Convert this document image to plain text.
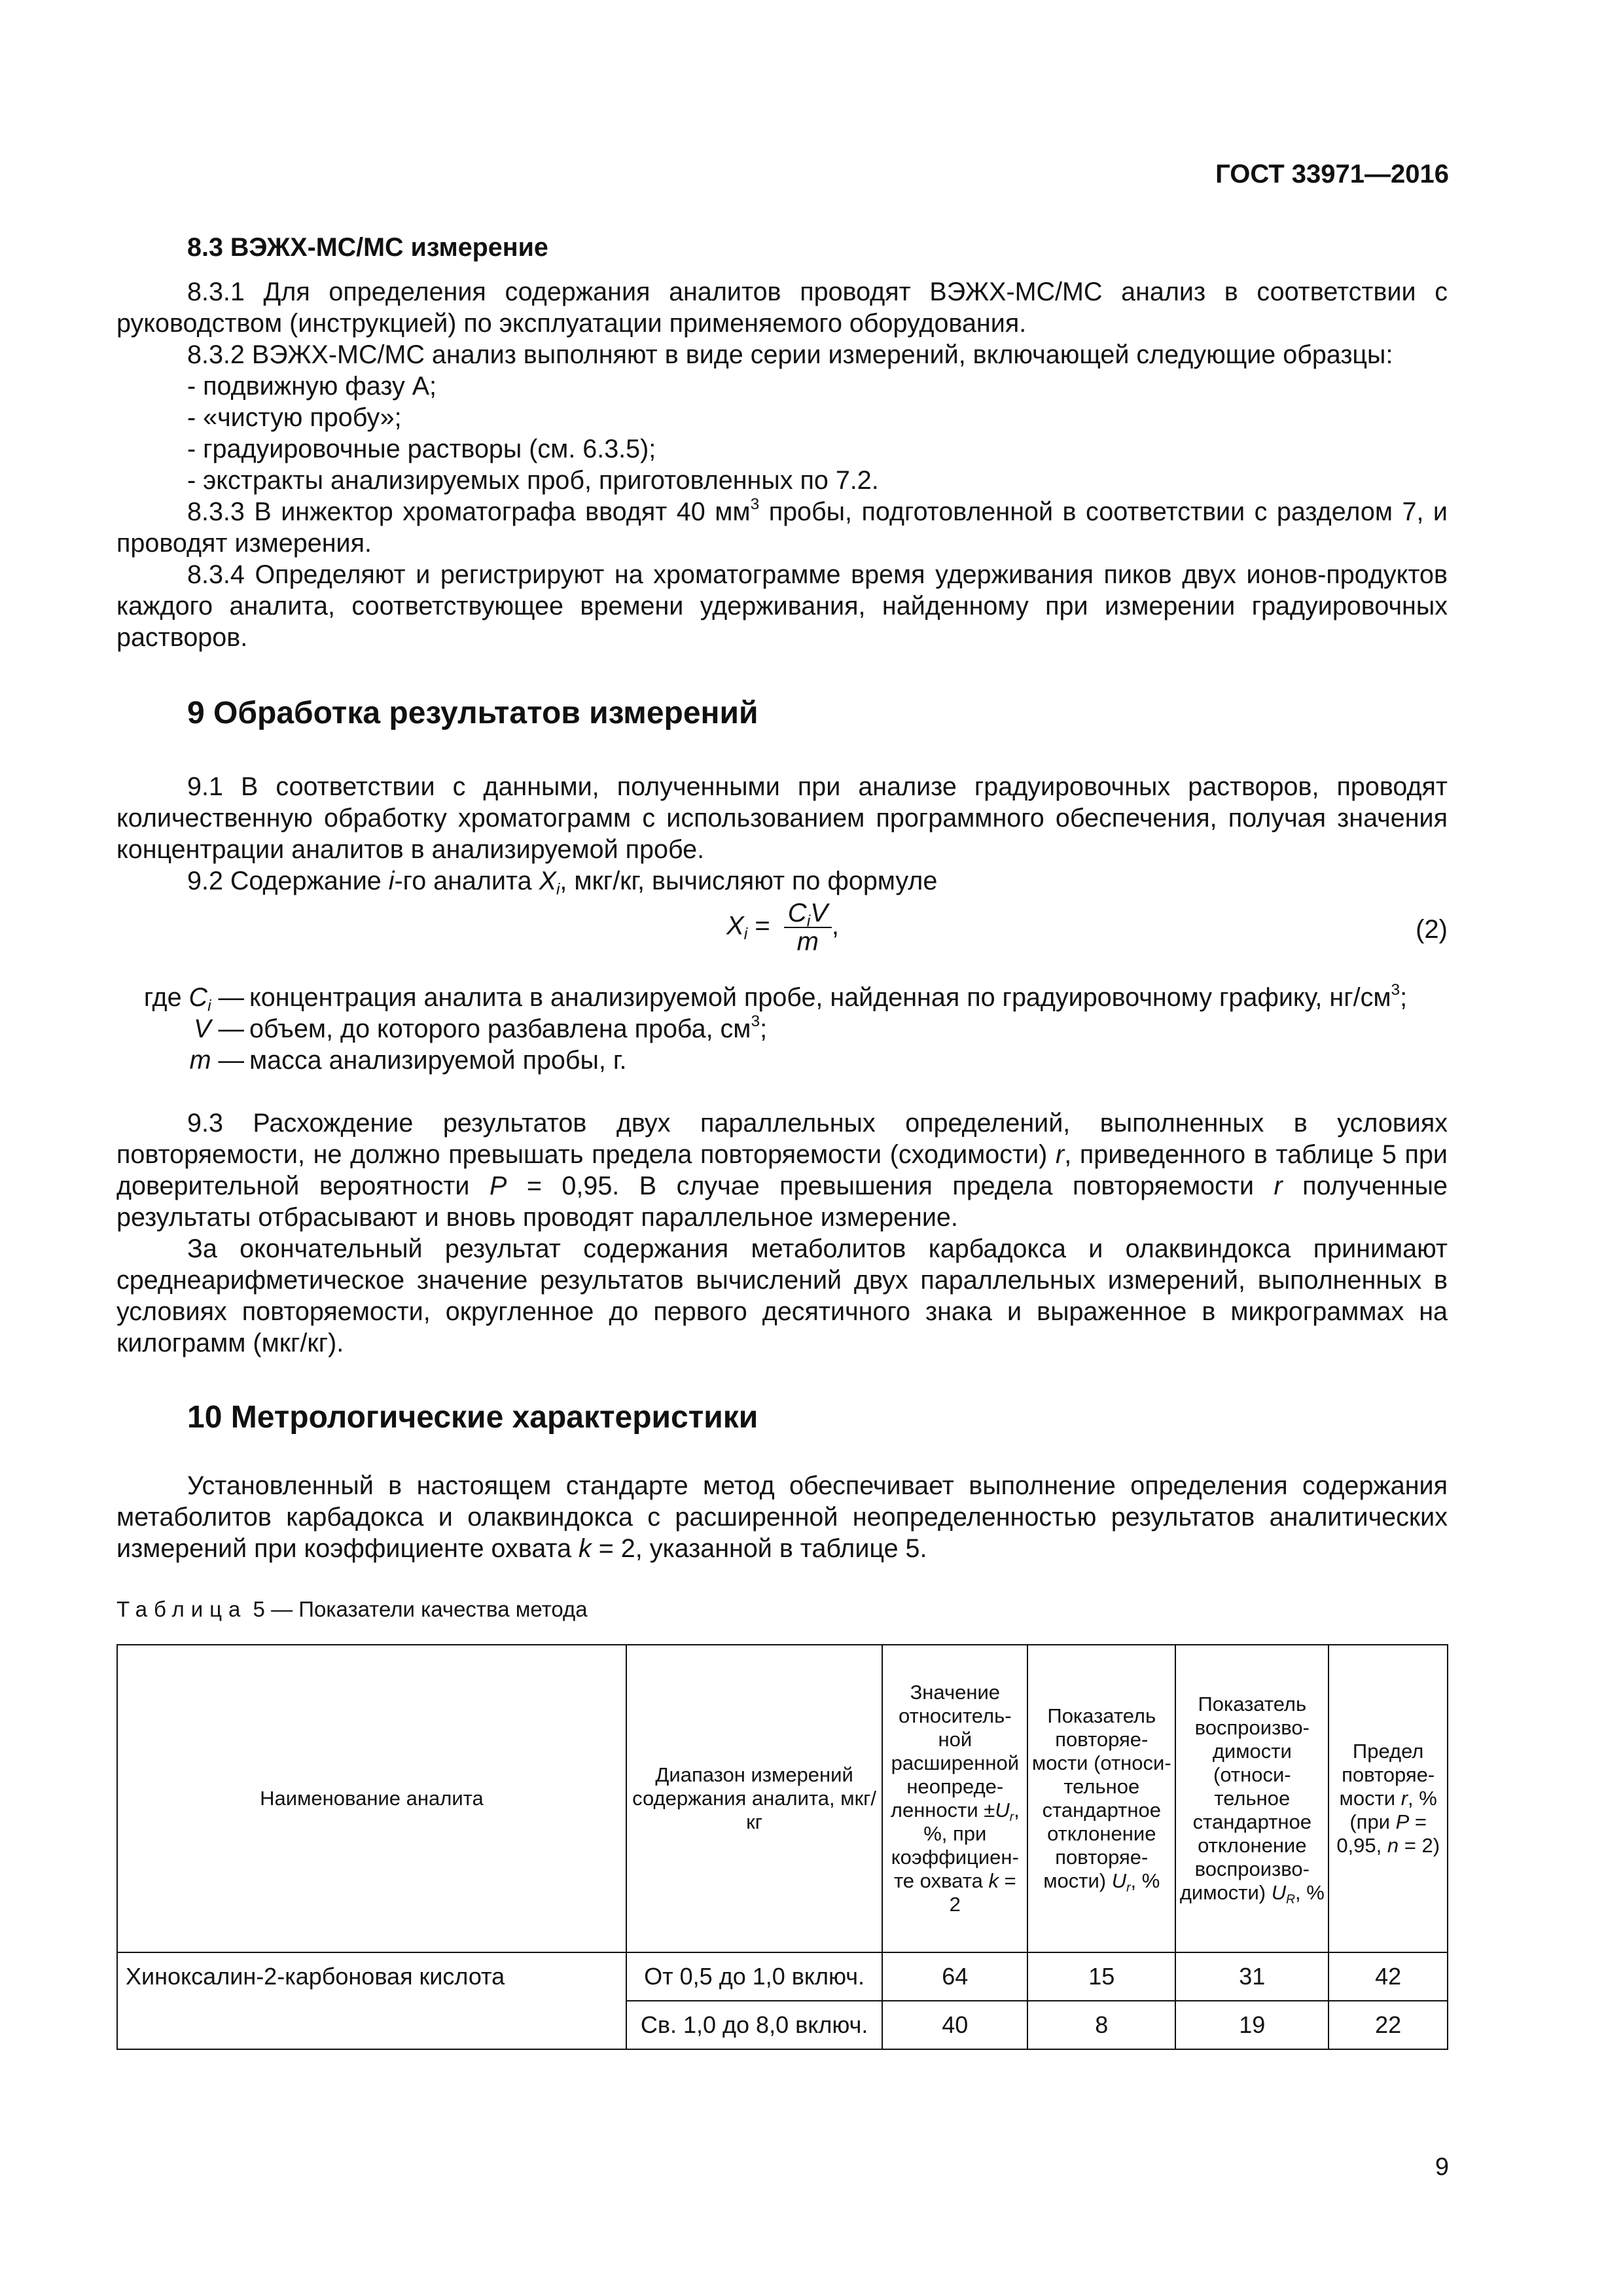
ГОСТ 33971—2016

8.3 ВЭЖХ-МС/МС измерение

8.3.1 Для определения содержания аналитов проводят ВЭЖХ-МС/МС анализ в соответствии с руководством (инструкцией) по эксплуатации применяемого оборудования.

8.3.2 ВЭЖХ-МС/МС анализ выполняют в виде серии измерений, включающей следующие образцы:

- подвижную фазу А;

- «чистую пробу»;

- градуировочные растворы (см. 6.3.5);

- экстракты анализируемых проб, приготовленных по 7.2.

8.3.3 В инжектор хроматографа вводят 40 $мм^3$ пробы, подготовленной в соответствии с разделом 7, и проводят измерения.

8.3.4 Определяют и регистрируют на хроматограмме время удерживания пиков двух ионов-продуктов каждого аналита, соответствующее времени удерживания, найденному при измерении градуировочных растворов.

9 Обработка результатов измерений

9.1 В соответствии с данными, полученными при анализе градуировочных растворов, проводят количественную обработку хроматограмм с использованием программного обеспечения, получая значения концентрации аналитов в анализируемой пробе.

9.2 Содержание i-го аналита $X_i$, мкг/кг, вычисляют по формуле

$X_i = \frac{C_iV}{m}$ ,	(2)
где $C_i$ — концентрация аналита в анализируемой пробе, найденная по градуировочному графику, $нг/см^3$;
V — объем, до которого разбавлена проба, $см^3$;
m — масса анализируемой пробы, г.

9.3 Расхождение результатов двух параллельных определений, выполненных в условиях повторяемости, не должно превышать предела повторяемости (сходимости) r, приведенного в таблице 5 при доверительной вероятности P = 0,95. В случае превышения предела повторяемости r полученные результаты отбрасывают и вновь проводят параллельное измерение.

За окончательный результат содержания метаболитов карбадокса и олаквиндокса принимают среднеарифметическое значение результатов вычислений двух параллельных измерений, выполненных в условиях повторяемости, округленное до первого десятичного знака и выраженное в микрограммах на килограмм (мкг/кг).

10 Метрологические характеристики

Установленный в настоящем стандарте метод обеспечивает выполнение определения содержания метаболитов карбадокса и олаквиндокса с расширенной неопределенностью результатов аналитических измерений при коэффициенте охвата k = 2, указанной в таблице 5.

Таблица 5 — Показатели качества метода
Наименование аналита	Диапазон измерений содержания аналита, мкг/кг	Значение относитель-ной расширенной неопреде-ленности $\pm U_r$, %, при коэффициен-те охвата k = 2	Показатель повторяе-мости (относи-тельное стандартное отклонение повторяе-мости) $U_r$, %	Показатель воспроизво-димости (относи-тельное стандартное отклонение воспроизво-димости) $U_R$, %	Предел повторяе-мости r, % (при P = 0,95, n = 2)
Хиноксалин-2-карбоновая кислота	От 0,5 до 1,0 включ.	64	15	31	42
	Св. 1,0 до 8,0 включ.	40	8	19	22
9
